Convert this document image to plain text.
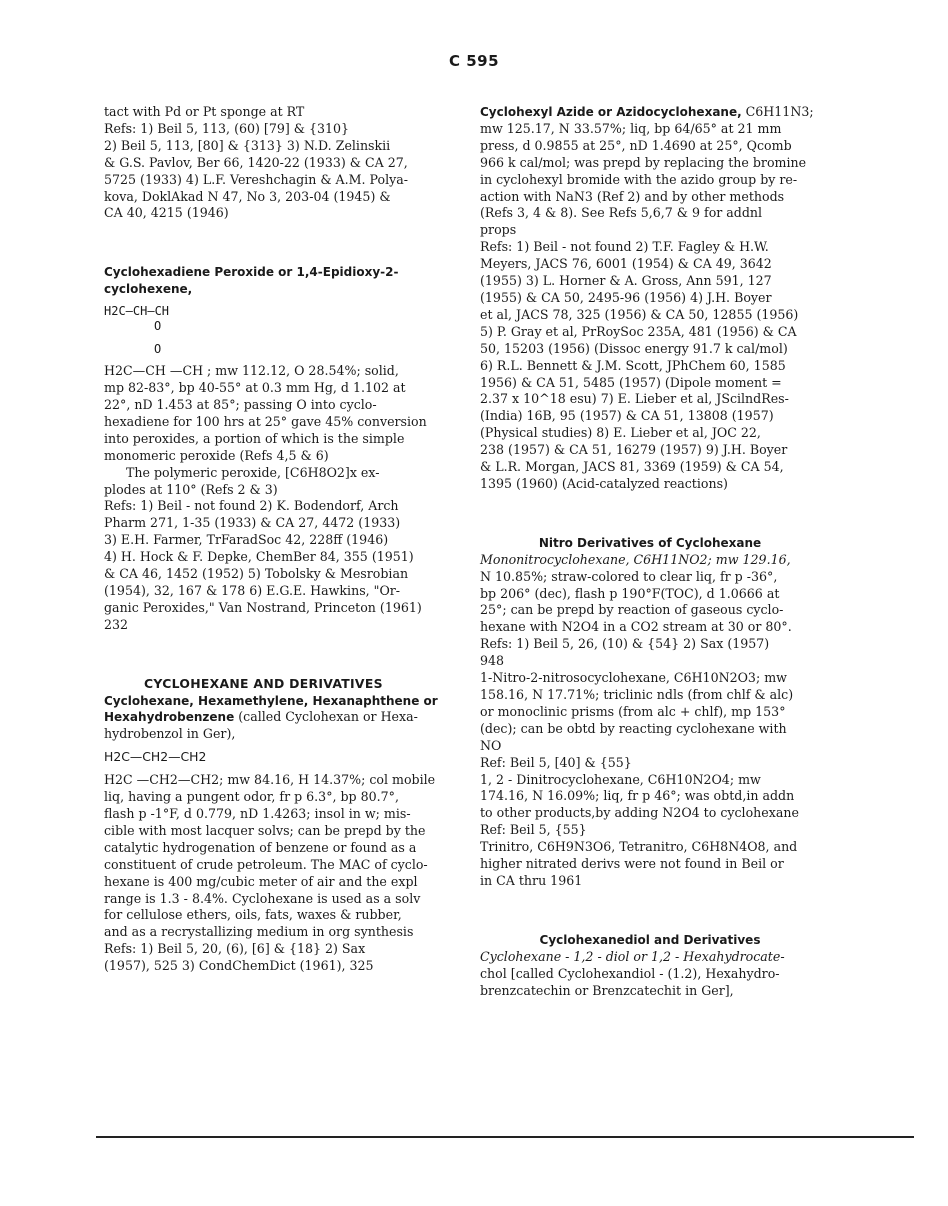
C 595

tact with Pd or Pt sponge at RT

Refs: 1) Beil 5, 113, (60) [79] & {310}

2) Beil 5, 113, [80] & {313} 3) N.D. Zelinskii

& G.S. Pavlov, Ber 66, 1420-22 (1933) & CA 27,

5725 (1933) 4) L.F. Vereshchagin & A.M. Polya-

kova, DoklAkad N 47, No 3, 203-04 (1945) &

CA 40, 4215 (1946)

Cyclohexadiene Peroxide or 1,4-Epidioxy-2-

cyclohexene,

H2C—CH—CH
O
O

H2C—CH —CH ; mw 112.12, O 28.54%; solid,

mp 82-83°, bp 40-55° at 0.3 mm Hg, d 1.102 at

22°, nD 1.453 at 85°; passing O into cyclo-

hexadiene for 100 hrs at 25° gave 45% conversion

into peroxides, a portion of which is the simple

monomeric peroxide (Refs 4,5 & 6)

The polymeric peroxide, [C6H8O2]x ex-

plodes at 110° (Refs 2 & 3)

Refs: 1) Beil - not found 2) K. Bodendorf, Arch

Pharm 271, 1-35 (1933) & CA 27, 4472 (1933)

3) E.H. Farmer, TrFaradSoc 42, 228ff (1946)

4) H. Hock & F. Depke, ChemBer 84, 355 (1951)

& CA 46, 1452 (1952) 5) Tobolsky & Mesrobian

(1954), 32, 167 & 178 6) E.G.E. Hawkins, "Or-

ganic Peroxides," Van Nostrand, Princeton (1961)

232

CYCLOHEXANE AND DERIVATIVES

Cyclohexane, Hexamethylene, Hexanaphthene or

Hexahydrobenzene (called Cyclohexan or Hexa-

hydrobenzol in Ger),

H2C—CH2—CH2

H2C —CH2—CH2; mw 84.16, H 14.37%; col mobile

liq, having a pungent odor, fr p 6.3°, bp 80.7°,

flash p -1°F, d 0.779, nD 1.4263; insol in w; mis-

cible with most lacquer solvs; can be prepd by the

catalytic hydrogenation of benzene or found as a

constituent of crude petroleum. The MAC of cyclo-

hexane is 400 mg/cubic meter of air and the expl

range is 1.3 - 8.4%. Cyclohexane is used as a solv

for cellulose ethers, oils, fats, waxes & rubber,

and as a recrystallizing medium in org synthesis

Refs: 1) Beil 5, 20, (6), [6] & {18} 2) Sax

(1957), 525 3) CondChemDict (1961), 325

Cyclohexyl Azide or Azidocyclohexane, C6H11N3;

mw 125.17, N 33.57%; liq, bp 64/65° at 21 mm

press, d 0.9855 at 25°, nD 1.4690 at 25°, Qcomb

966 k cal/mol; was prepd by replacing the bromine

in cyclohexyl bromide with the azido group by re-

action with NaN3 (Ref 2) and by other methods

(Refs 3, 4 & 8). See Refs 5,6,7 & 9 for addnl

props

Refs: 1) Beil - not found 2) T.F. Fagley & H.W.

Meyers, JACS 76, 6001 (1954) & CA 49, 3642

(1955) 3) L. Horner & A. Gross, Ann 591, 127

(1955) & CA 50, 2495-96 (1956) 4) J.H. Boyer

et al, JACS 78, 325 (1956) & CA 50, 12855 (1956)

5) P. Gray et al, PrRoySoc 235A, 481 (1956) & CA

50, 15203 (1956) (Dissoc energy 91.7 k cal/mol)

6) R.L. Bennett & J.M. Scott, JPhChem 60, 1585

1956) & CA 51, 5485 (1957) (Dipole moment =

2.37 x 10^18 esu) 7) E. Lieber et al, JScilndRes-

(India) 16B, 95 (1957) & CA 51, 13808 (1957)

(Physical studies) 8) E. Lieber et al, JOC 22,

238 (1957) & CA 51, 16279 (1957) 9) J.H. Boyer

& L.R. Morgan, JACS 81, 3369 (1959) & CA 54,

1395 (1960) (Acid-catalyzed reactions)

Nitro Derivatives of Cyclohexane

Mononitrocyclohexane, C6H11NO2; mw 129.16,

N 10.85%; straw-colored to clear liq, fr p -36°,

bp 206° (dec), flash p 190°F(TOC), d 1.0666 at

25°; can be prepd by reaction of gaseous cyclo-

hexane with N2O4 in a CO2 stream at 30 or 80°.

Refs: 1) Beil 5, 26, (10) & {54} 2) Sax (1957)

948

1-Nitro-2-nitrosocyclohexane, C6H10N2O3; mw

158.16, N 17.71%; triclinic ndls (from chlf & alc)

or monoclinic prisms (from alc + chlf), mp 153°

(dec); can be obtd by reacting cyclohexane with

NO

Ref: Beil 5, [40] & {55}

1, 2 - Dinitrocyclohexane, C6H10N2O4; mw

174.16, N 16.09%; liq, fr p 46°; was obtd,in addn

to other products,by adding N2O4 to cyclohexane

Ref: Beil 5, {55}

Trinitro, C6H9N3O6, Tetranitro, C6H8N4O8, and

higher nitrated derivs were not found in Beil or

in CA thru 1961

Cyclohexanediol and Derivatives

Cyclohexane - 1,2 - diol or 1,2 - Hexahydrocate-

chol [called Cyclohexandiol - (1.2), Hexahydro-

brenzcatechin or Brenzcatechit in Ger],
